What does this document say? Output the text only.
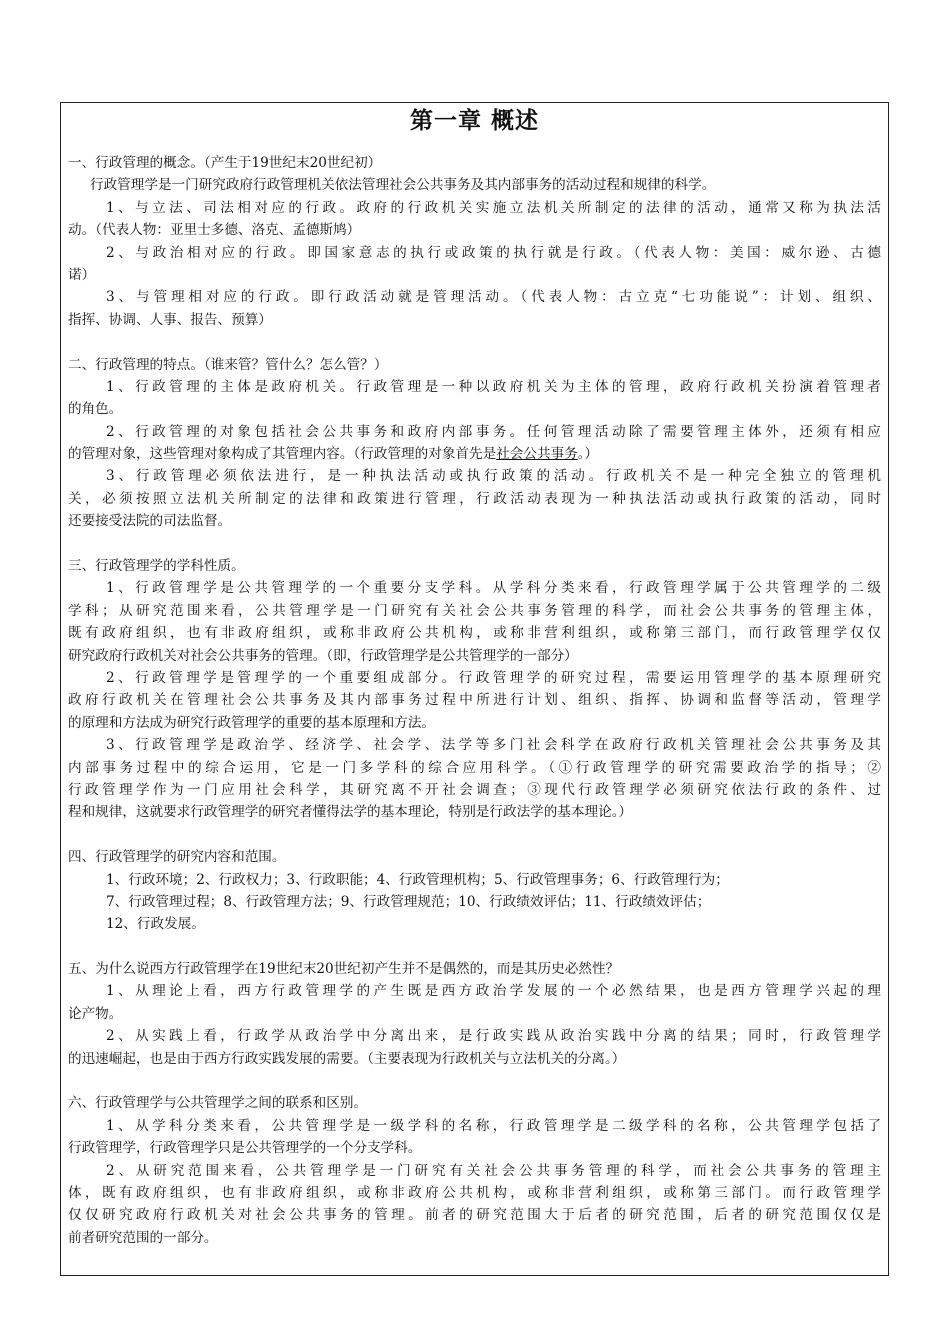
第一章 概述
一、行政管理的概念。（产生于19世纪末20世纪初）
行政管理学是一门研究政府行政管理机关依法管理社会公共事务及其内部事务的活动过程和规律的科学。
1、与立法、司法相对应的行政。政府的行政机关实施立法机关所制定的法律的活动，通常又称为执法活
动。（代表人物：亚里士多德、洛克、孟德斯鸠）
2、与政治相对应的行政。即国家意志的执行或政策的执行就是行政。（代表人物：美国：威尔逊、古德
诺）
3、与管理相对应的行政。即行政活动就是管理活动。（代表人物：古立克“七功能说”：计划、组织、
指挥、协调、人事、报告、预算）
二、行政管理的特点。（谁来管？管什么？怎么管？）
1、行政管理的主体是政府机关。行政管理是一种以政府机关为主体的管理，政府行政机关扮演着管理者
的角色。
2、行政管理的对象包括社会公共事务和政府内部事务。任何管理活动除了需要管理主体外，还须有相应
的管理对象，这些管理对象构成了其管理内容。（行政管理的对象首先是社会公共事务。）
3、行政管理必须依法进行，是一种执法活动或执行政策的活动。行政机关不是一种完全独立的管理机
关，必须按照立法机关所制定的法律和政策进行管理，行政活动表现为一种执法活动或执行政策的活动，同时
还要接受法院的司法监督。
三、行政管理学的学科性质。
1、行政管理学是公共管理学的一个重要分支学科。从学科分类来看，行政管理学属于公共管理学的二级
学科；从研究范围来看，公共管理学是一门研究有关社会公共事务管理的科学，而社会公共事务的管理主体，
既有政府组织，也有非政府组织，或称非政府公共机构，或称非营利组织，或称第三部门，而行政管理学仅仅
研究政府行政机关对社会公共事务的管理。（即，行政管理学是公共管理学的一部分）
2、行政管理学是管理学的一个重要组成部分。行政管理学的研究过程，需要运用管理学的基本原理研究
政府行政机关在管理社会公共事务及其内部事务过程中所进行计划、组织、指挥、协调和监督等活动，管理学
的原理和方法成为研究行政管理学的重要的基本原理和方法。
3、行政管理学是政治学、经济学、社会学、法学等多门社会科学在政府行政机关管理社会公共事务及其
内部事务过程中的综合运用，它是一门多学科的综合应用科学。（①行政管理学的研究需要政治学的指导；②
行政管理学作为一门应用社会科学，其研究离不开社会调查；③现代行政管理学必须研究依法行政的条件、过
程和规律，这就要求行政管理学的研究者懂得法学的基本理论，特别是行政法学的基本理论。）
四、行政管理学的研究内容和范围。
1、行政环境；2、行政权力；3、行政职能；4、行政管理机构；5、行政管理事务；6、行政管理行为；
7、行政管理过程；8、行政管理方法；9、行政管理规范；10、行政绩效评估；11、行政绩效评估；
12、行政发展。
五、为什么说西方行政管理学在19世纪末20世纪初产生并不是偶然的，而是其历史必然性？
1、从理论上看，西方行政管理学的产生既是西方政治学发展的一个必然结果，也是西方管理学兴起的理
论产物。
2、从实践上看，行政学从政治学中分离出来，是行政实践从政治实践中分离的结果；同时，行政管理学
的迅速崛起，也是由于西方行政实践发展的需要。（主要表现为行政机关与立法机关的分离。）
六、行政管理学与公共管理学之间的联系和区别。
1、从学科分类来看，公共管理学是一级学科的名称，行政管理学是二级学科的名称，公共管理学包括了
行政管理学，行政管理学只是公共管理学的一个分支学科。
2、从研究范围来看，公共管理学是一门研究有关社会公共事务管理的科学，而社会公共事务的管理主
体，既有政府组织，也有非政府组织，或称非政府公共机构，或称非营利组织，或称第三部门。而行政管理学
仅仅研究政府行政机关对社会公共事务的管理。前者的研究范围大于后者的研究范围，后者的研究范围仅仅是
前者研究范围的一部分。
